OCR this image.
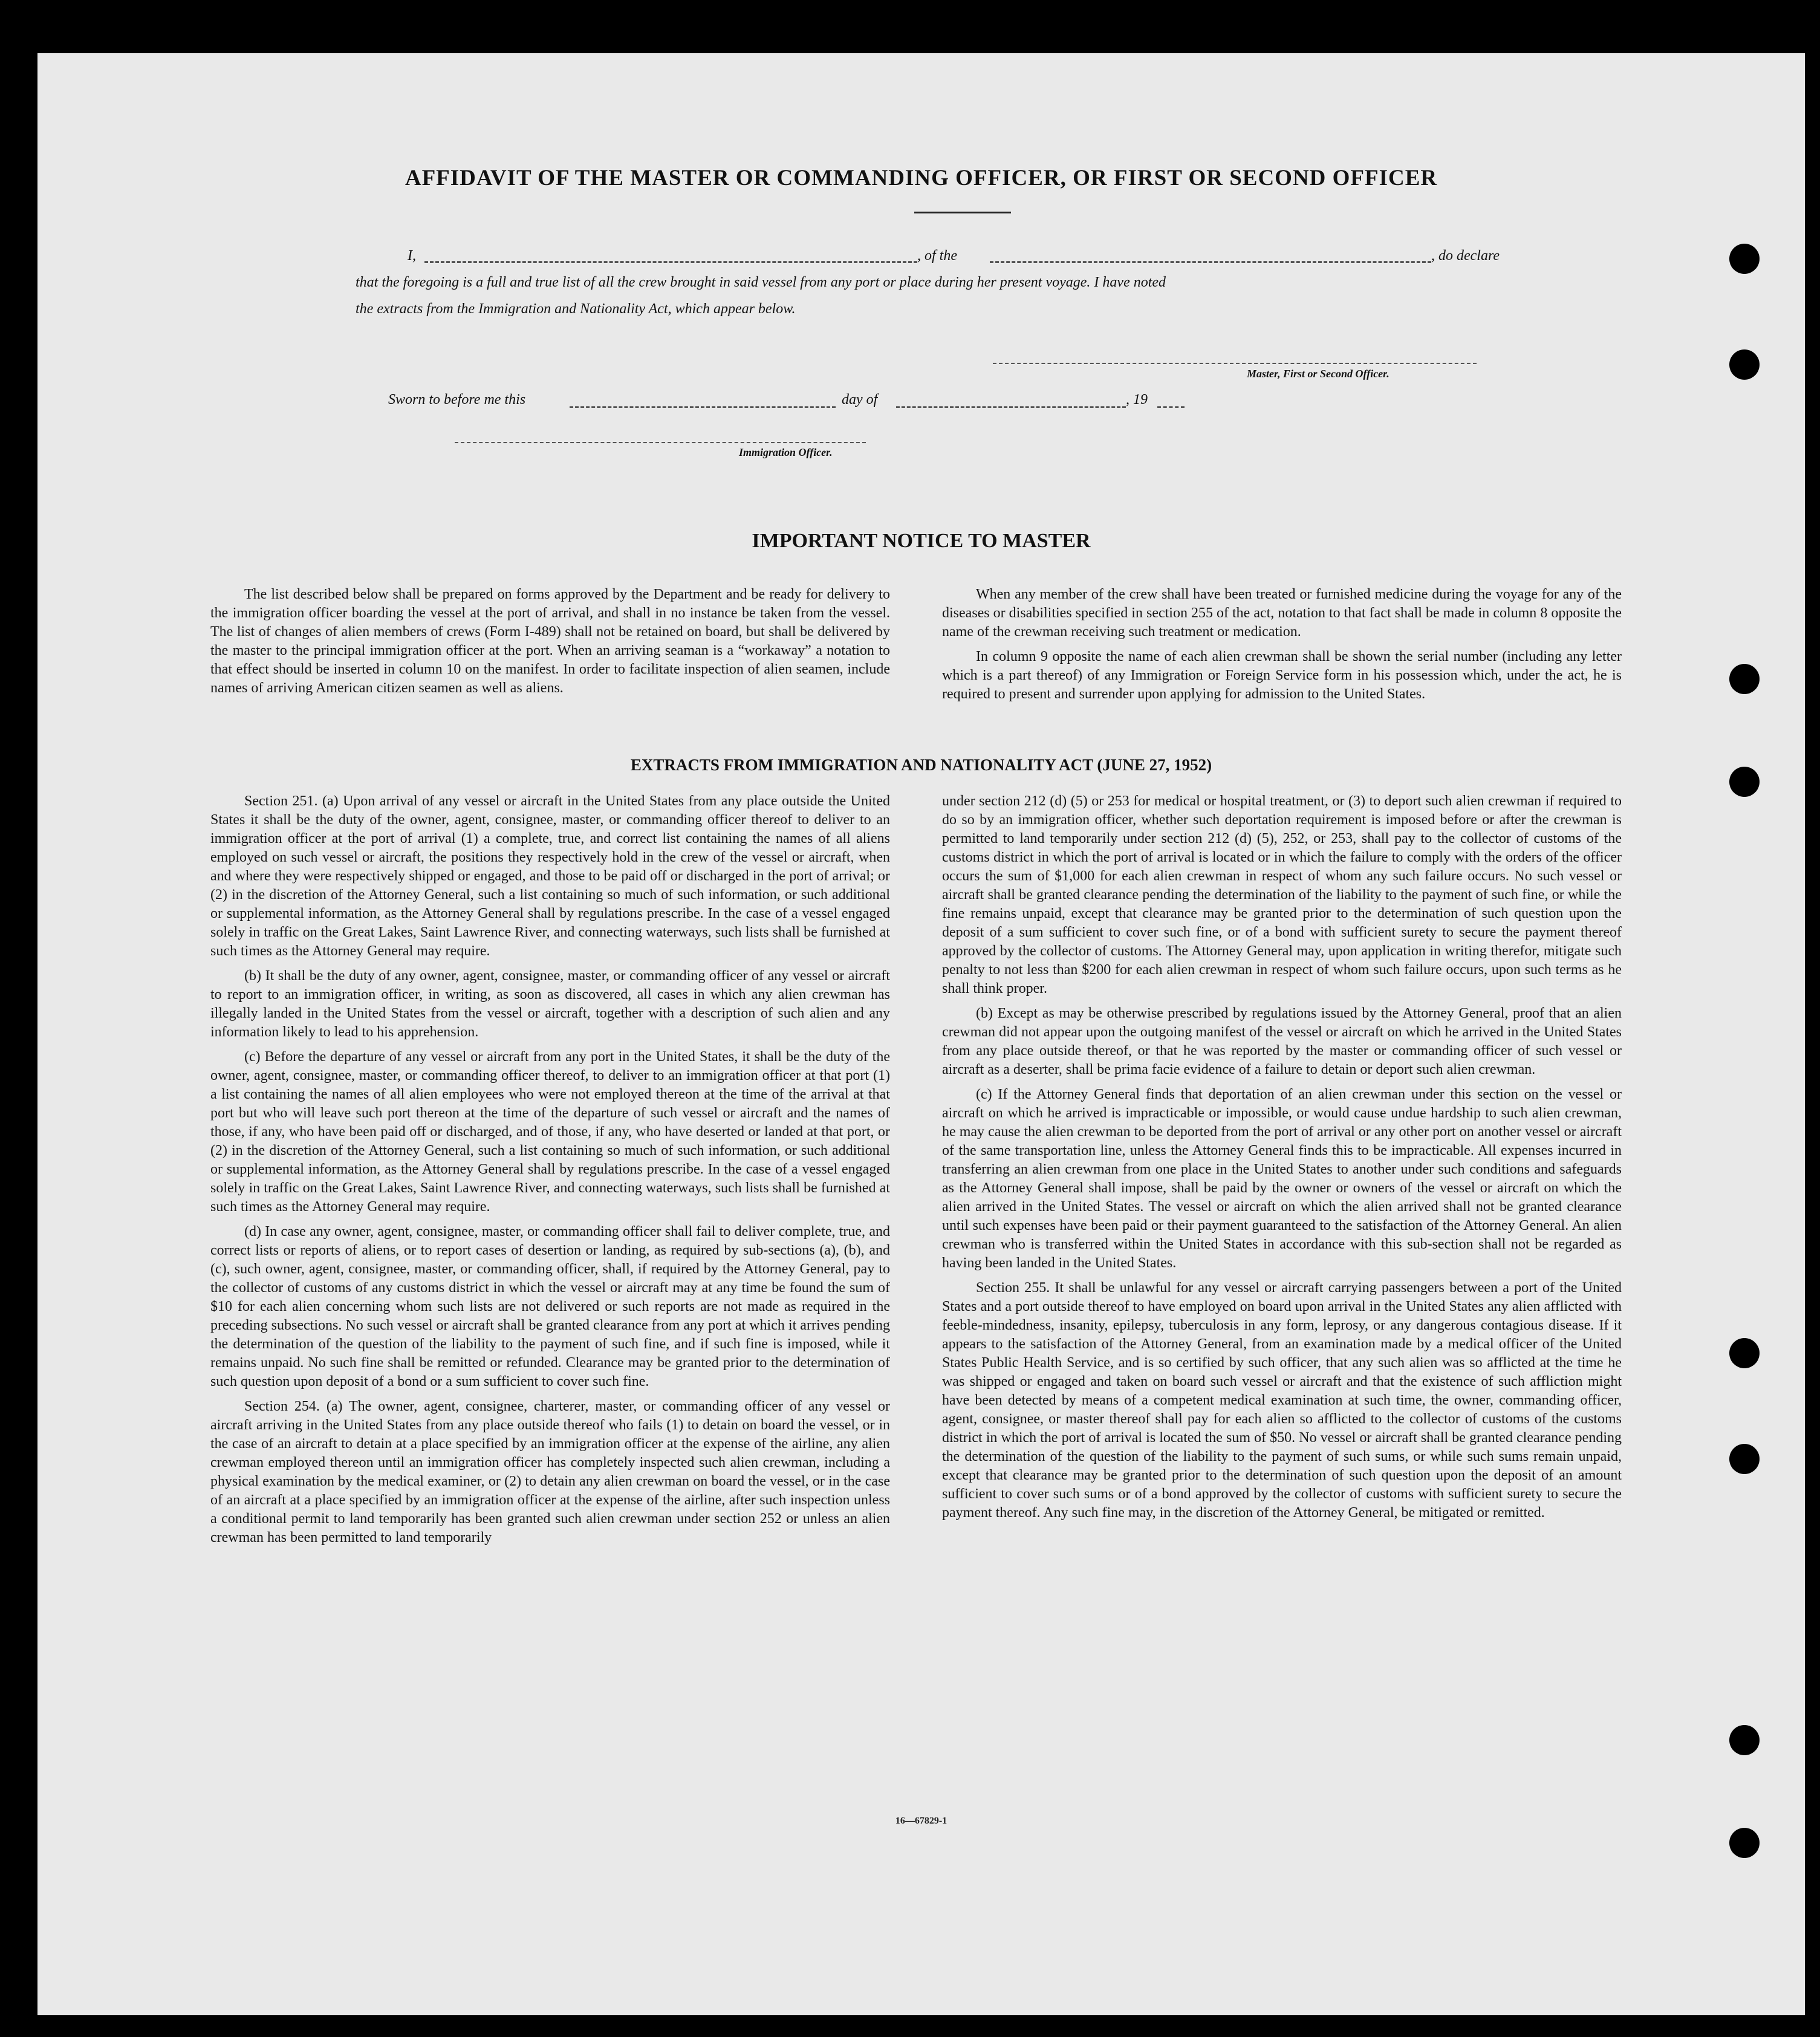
AFFIDAVIT OF THE MASTER OR COMMANDING OFFICER, OR FIRST OR SECOND OFFICER
I,	, of the	, do declare
that the foregoing is a full and true list of all the crew brought in said vessel from any port or place during her present voyage. I have noted
the extracts from the Immigration and Nationality Act, which appear below.
Master, First or Second Officer.
Sworn to before me this	day of	, 19
Immigration Officer.
IMPORTANT NOTICE TO MASTER

The list described below shall be prepared on forms approved by the Department and be ready for delivery to the immigration officer boarding the vessel at the port of arrival, and shall in no instance be taken from the vessel. The list of changes of alien members of crews (Form I-489) shall not be retained on board, but shall be delivered by the master to the principal immigration officer at the port. When an arriving seaman is a “workaway” a notation to that effect should be inserted in column 10 on the manifest. In order to facilitate inspection of alien seamen, include names of arriving American citizen seamen as well as aliens.

When any member of the crew shall have been treated or furnished medicine during the voyage for any of the diseases or disabilities specified in section 255 of the act, notation to that fact shall be made in column 8 opposite the name of the crewman receiving such treatment or medication.

In column 9 opposite the name of each alien crewman shall be shown the serial number (including any letter which is a part thereof) of any Immigration or Foreign Service form in his possession which, under the act, he is required to present and surrender upon applying for admission to the United States.

EXTRACTS FROM IMMIGRATION AND NATIONALITY ACT (JUNE 27, 1952)

Section 251. (a) Upon arrival of any vessel or aircraft in the United States from any place outside the United States it shall be the duty of the owner, agent, consignee, master, or commanding officer thereof to deliver to an immigration officer at the port of arrival (1) a complete, true, and correct list containing the names of all aliens employed on such vessel or aircraft, the positions they respectively hold in the crew of the vessel or aircraft, when and where they were respectively shipped or engaged, and those to be paid off or discharged in the port of arrival; or (2) in the discretion of the Attorney General, such a list containing so much of such information, or such additional or supplemental information, as the Attorney General shall by regulations prescribe. In the case of a vessel engaged solely in traffic on the Great Lakes, Saint Lawrence River, and connecting waterways, such lists shall be furnished at such times as the Attorney General may require.

(b) It shall be the duty of any owner, agent, consignee, master, or commanding officer of any vessel or aircraft to report to an immigration officer, in writing, as soon as discovered, all cases in which any alien crewman has illegally landed in the United States from the vessel or aircraft, together with a description of such alien and any information likely to lead to his apprehension.

(c) Before the departure of any vessel or aircraft from any port in the United States, it shall be the duty of the owner, agent, consignee, master, or commanding officer thereof, to deliver to an immigration officer at that port (1) a list containing the names of all alien employees who were not employed thereon at the time of the arrival at that port but who will leave such port thereon at the time of the departure of such vessel or aircraft and the names of those, if any, who have been paid off or discharged, and of those, if any, who have deserted or landed at that port, or (2) in the discretion of the Attorney General, such a list containing so much of such information, or such additional or supplemental information, as the Attorney General shall by regulations prescribe. In the case of a vessel engaged solely in traffic on the Great Lakes, Saint Lawrence River, and connecting waterways, such lists shall be furnished at such times as the Attorney General may require.

(d) In case any owner, agent, consignee, master, or commanding officer shall fail to deliver complete, true, and correct lists or reports of aliens, or to report cases of desertion or landing, as required by sub-sections (a), (b), and (c), such owner, agent, consignee, master, or commanding officer, shall, if required by the Attorney General, pay to the collector of customs of any customs district in which the vessel or aircraft may at any time be found the sum of $10 for each alien concerning whom such lists are not delivered or such reports are not made as required in the preceding subsections. No such vessel or aircraft shall be granted clearance from any port at which it arrives pending the determination of the question of the liability to the payment of such fine, and if such fine is imposed, while it remains unpaid. No such fine shall be remitted or refunded. Clearance may be granted prior to the determination of such question upon deposit of a bond or a sum sufficient to cover such fine.

Section 254. (a) The owner, agent, consignee, charterer, master, or commanding officer of any vessel or aircraft arriving in the United States from any place outside thereof who fails (1) to detain on board the vessel, or in the case of an aircraft to detain at a place specified by an immigration officer at the expense of the airline, any alien crewman employed thereon until an immigration officer has completely inspected such alien crewman, including a physical examination by the medical examiner, or (2) to detain any alien crewman on board the vessel, or in the case of an aircraft at a place specified by an immigration officer at the expense of the airline, after such inspection unless a conditional permit to land temporarily has been granted such alien crewman under section 252 or unless an alien crewman has been permitted to land temporarily

under section 212 (d) (5) or 253 for medical or hospital treatment, or (3) to deport such alien crewman if required to do so by an immigration officer, whether such deportation requirement is imposed before or after the crewman is permitted to land temporarily under section 212 (d) (5), 252, or 253, shall pay to the collector of customs of the customs district in which the port of arrival is located or in which the failure to comply with the orders of the officer occurs the sum of $1,000 for each alien crewman in respect of whom any such failure occurs. No such vessel or aircraft shall be granted clearance pending the determination of the liability to the payment of such fine, or while the fine remains unpaid, except that clearance may be granted prior to the determination of such question upon the deposit of a sum sufficient to cover such fine, or of a bond with sufficient surety to secure the payment thereof approved by the collector of customs. The Attorney General may, upon application in writing therefor, mitigate such penalty to not less than $200 for each alien crewman in respect of whom such failure occurs, upon such terms as he shall think proper.

(b) Except as may be otherwise prescribed by regulations issued by the Attorney General, proof that an alien crewman did not appear upon the outgoing manifest of the vessel or aircraft on which he arrived in the United States from any place outside thereof, or that he was reported by the master or commanding officer of such vessel or aircraft as a deserter, shall be prima facie evidence of a failure to detain or deport such alien crewman.

(c) If the Attorney General finds that deportation of an alien crewman under this section on the vessel or aircraft on which he arrived is impracticable or impossible, or would cause undue hardship to such alien crewman, he may cause the alien crewman to be deported from the port of arrival or any other port on another vessel or aircraft of the same transportation line, unless the Attorney General finds this to be impracticable. All expenses incurred in transferring an alien crewman from one place in the United States to another under such conditions and safeguards as the Attorney General shall impose, shall be paid by the owner or owners of the vessel or aircraft on which the alien arrived in the United States. The vessel or aircraft on which the alien arrived shall not be granted clearance until such expenses have been paid or their payment guaranteed to the satisfaction of the Attorney General. An alien crewman who is transferred within the United States in accordance with this sub-section shall not be regarded as having been landed in the United States.

Section 255. It shall be unlawful for any vessel or aircraft carrying passengers between a port of the United States and a port outside thereof to have employed on board upon arrival in the United States any alien afflicted with feeble-mindedness, insanity, epilepsy, tuberculosis in any form, leprosy, or any dangerous contagious disease. If it appears to the satisfaction of the Attorney General, from an examination made by a medical officer of the United States Public Health Service, and is so certified by such officer, that any such alien was so afflicted at the time he was shipped or engaged and taken on board such vessel or aircraft and that the existence of such affliction might have been detected by means of a competent medical examination at such time, the owner, commanding officer, agent, consignee, or master thereof shall pay for each alien so afflicted to the collector of customs of the customs district in which the port of arrival is located the sum of $50. No vessel or aircraft shall be granted clearance pending the determination of the question of the liability to the payment of such sums, or while such sums remain unpaid, except that clearance may be granted prior to the determination of such question upon the deposit of an amount sufficient to cover such sums or of a bond approved by the collector of customs with sufficient surety to secure the payment thereof. Any such fine may, in the discretion of the Attorney General, be mitigated or remitted.

16—67829-1
